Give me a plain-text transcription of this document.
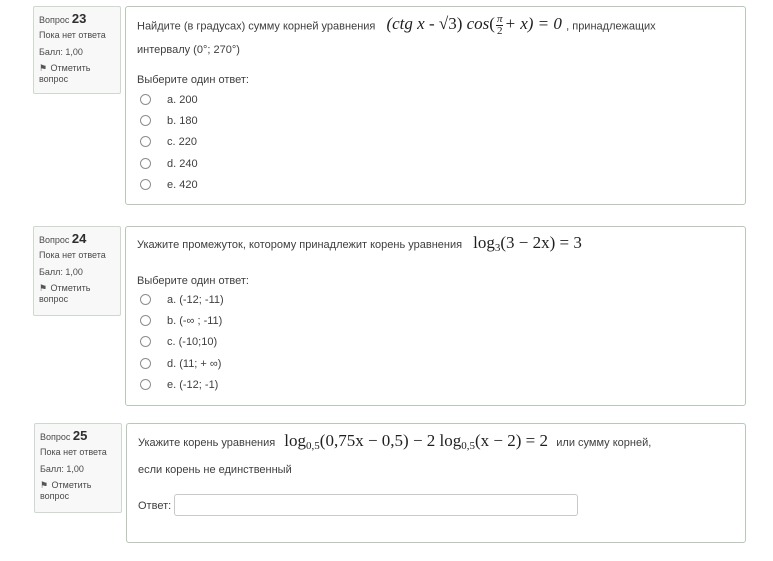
Вопрос 23
Пока нет ответа
Балл: 1,00
⚑ Отметить
вопрос
Найдите (в градусах) сумму корней уравнения (ctg x - √3) $\cos( \frac{\pi}{2} + x) = 0$ , принадлежащих
интервалу (0°; 270°)
Выберите один ответ:
a. 200
b. 180
c. 220
d. 240
e. 420
Вопрос 24
Пока нет ответа
Балл: 1,00
⚑ Отметить
вопрос
Укажите промежуток, которому принадлежит корень уравнения $\log_3(3 - 2x) = 3$
Выберите один ответ:
a. (-12; -11)
b. (-∞ ; -11)
c. (-10;10)
d. (11; + ∞)
e. (-12; -1)
Вопрос 25
Пока нет ответа
Балл: 1,00
⚑ Отметить
вопрос
Укажите корень уравнения $\log_{0,5}(0,75x - 0,5) - 2$ $\log_{0,5}(x - 2) = 2$ или сумму корней,
если корень не единственный
Ответ:
